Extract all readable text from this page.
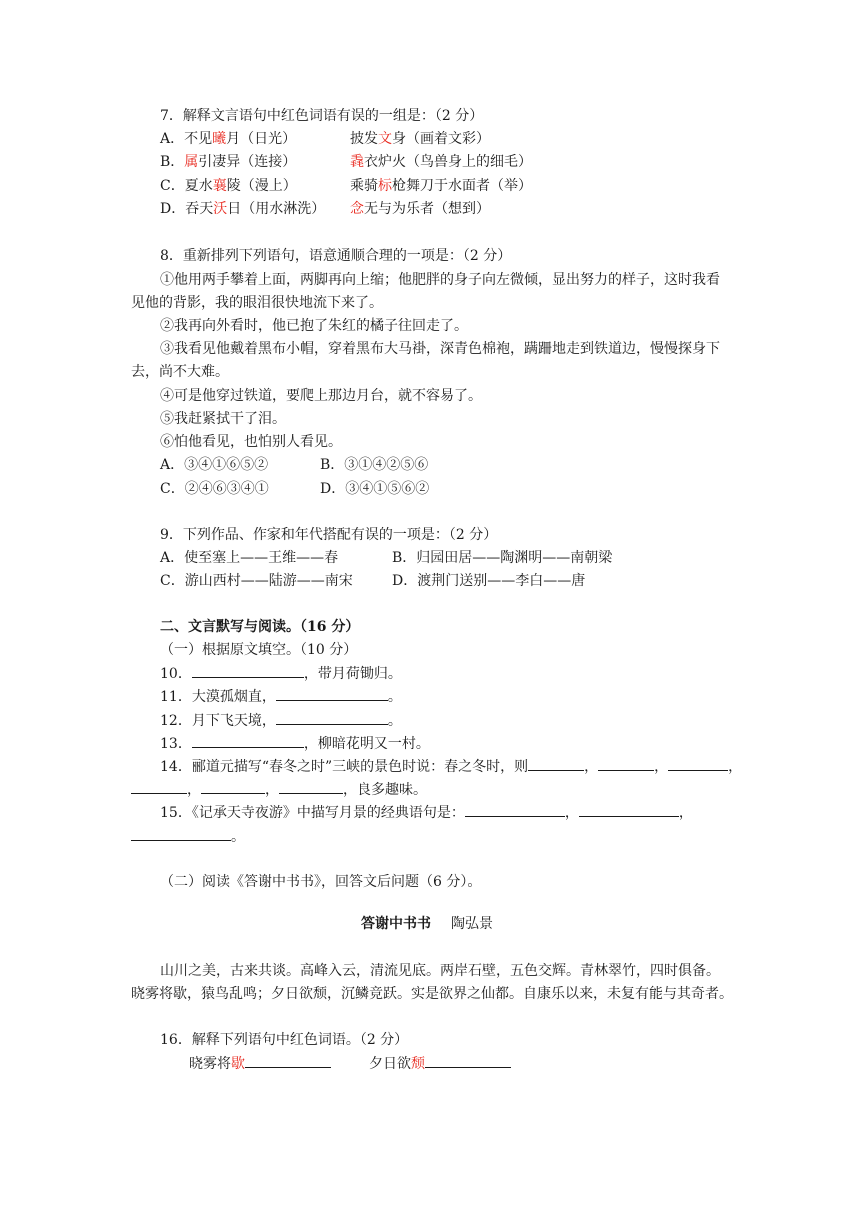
7．解释文言语句中红色词语有误的一组是：（2 分）
A．不见曦月（日光）	披发文身（画着文彩）
B．属引凄异（连接）	毳衣炉火（鸟兽身上的细毛）
C．夏水襄陵（漫上）	乘骑标枪舞刀于水面者（举）
D．吞天沃日（用水淋洗） 念无与为乐者（想到）
8．重新排列下列语句，语意通顺合理的一项是：（2 分）
①他用两手攀着上面，两脚再向上缩；他肥胖的身子向左微倾，显出努力的样子，这时我看
见他的背影，我的眼泪很快地流下来了。
②我再向外看时，他已抱了朱红的橘子往回走了。
③我看见他戴着黑布小帽，穿着黑布大马褂，深青色棉袍，蹒跚地走到铁道边，慢慢探身下
去，尚不大难。
④可是他穿过铁道，要爬上那边月台，就不容易了。
⑤我赶紧拭干了泪。
⑥怕他看见，也怕别人看见。
A．③④①⑥⑤②	B．③①④②⑤⑥
C．②④⑥③④①	D．③④①⑤⑥②
9．下列作品、作家和年代搭配有误的一项是：（2 分）
A．使至塞上——王维——春	B．归园田居——陶渊明——南朝梁
C．游山西村——陆游——南宋	D．渡荆门送别——李白——唐
二、文言默写与阅读。（16 分）
（一）根据原文填空。（10 分）
10．	，带月荷锄归。
11．大漠孤烟直，	。
12．月下飞天境，	。
13．	，柳暗花明又一村。
14．郦道元描写“春冬之时”三峡的景色时说：春之冬时，则	，	，	，
，	，	，良多趣味。
15．《记承天寺夜游》中描写月景的经典语句是：	，	，
。
（二）阅读《答谢中书书》，回答文后问题（6 分）。
答谢中书书 陶弘景
山川之美，古来共谈。高峰入云，清流见底。两岸石壁，五色交辉。青林翠竹，四时俱备。
晓雾将歇，猿鸟乱鸣；夕日欲颓，沉鳞竞跃。实是欲界之仙都。自康乐以来，未复有能与其奇者。
16．解释下列语句中红色词语。（2 分）
晓雾将歇	夕日欲颓
